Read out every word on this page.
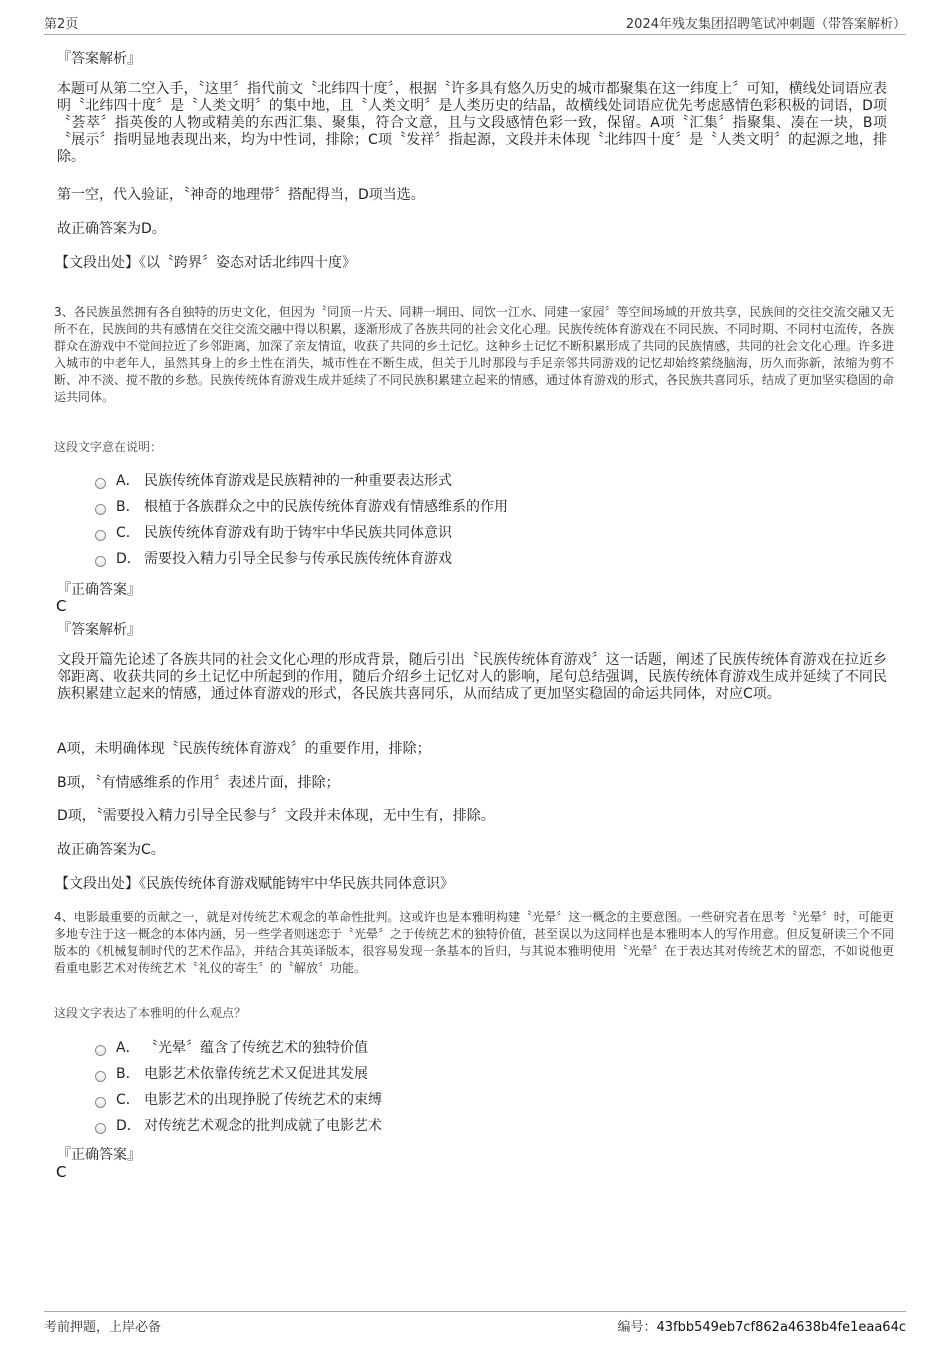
第2页	2024年残友集团招聘笔试冲刺题（带答案解析）
『答案解析』
本题可从第二空入手，〝这里〞指代前文〝北纬四十度〞，根据〝许多具有悠久历史的城市都聚集在这一纬度上〞可知，横线处词语应表明〝北纬四十度〞是〝人类文明〞的集中地，且〝人类文明〞是人类历史的结晶，故横线处词语应优先考虑感情色彩积极的词语，D项〝荟萃〞指英俊的人物或精美的东西汇集、聚集，符合文意，且与文段感情色彩一致，保留。A项〝汇集〞指聚集、凑在一块，B项〝展示〞指明显地表现出来，均为中性词，排除；C项〝发祥〞指起源，文段并未体现〝北纬四十度〞是〝人类文明〞的起源之地，排除。
第一空，代入验证，〝神奇的地理带〞搭配得当，D项当选。
故正确答案为D。
【文段出处】《以〝跨界〞姿态对话北纬四十度》
3、各民族虽然拥有各自独特的历史文化，但因为〝同顶一片天、同耕一垌田、同饮一江水、同建一家园〞等空间场域的开放共享，民族间的交往交流交融又无所不在，民族间的共有感情在交往交流交融中得以积累，逐渐形成了各族共同的社会文化心理。民族传统体育游戏在不同民族、不同时期、不同村屯流传，各族群众在游戏中不觉间拉近了乡邻距离，加深了亲友情谊，收获了共同的乡土记忆。这种乡土记忆不断积累形成了共同的民族情感，共同的社会文化心理。许多进入城市的中老年人，虽然其身上的乡土性在消失，城市性在不断生成，但关于儿时那段与手足亲邻共同游戏的记忆却始终萦绕脑海，历久而弥新，浓缩为剪不断、冲不淡、搅不散的乡愁。民族传统体育游戏生成并延续了不同民族积累建立起来的情感，通过体育游戏的形式，各民族共喜同乐，结成了更加坚实稳固的命运共同体。
这段文字意在说明：
A． 民族传统体育游戏是民族精神的一种重要表达形式
B． 根植于各族群众之中的民族传统体育游戏有情感维系的作用
C． 民族传统体育游戏有助于铸牢中华民族共同体意识
D． 需要投入精力引导全民参与传承民族传统体育游戏
『正确答案』
C
『答案解析』
文段开篇先论述了各族共同的社会文化心理的形成背景，随后引出〝民族传统体育游戏〞这一话题，阐述了民族传统体育游戏在拉近乡邻距离、收获共同的乡土记忆中所起到的作用，随后介绍乡土记忆对人的影响，尾句总结强调，民族传统体育游戏生成并延续了不同民族积累建立起来的情感，通过体育游戏的形式，各民族共喜同乐，从而结成了更加坚实稳固的命运共同体，对应C项。
A项，未明确体现〝民族传统体育游戏〞的重要作用，排除；
B项，〝有情感维系的作用〞表述片面，排除；
D项，〝需要投入精力引导全民参与〞文段并未体现，无中生有，排除。
故正确答案为C。
【文段出处】《民族传统体育游戏赋能铸牢中华民族共同体意识》
4、电影最重要的贡献之一，就是对传统艺术观念的革命性批判。这或许也是本雅明构建〝光晕〞这一概念的主要意图。一些研究者在思考〝光晕〞时，可能更多地专注于这一概念的本体内涵，另一些学者则迷恋于〝光晕〞之于传统艺术的独特价值，甚至误以为这同样也是本雅明本人的写作用意。但反复研读三个不同版本的《机械复制时代的艺术作品》，并结合其英译版本，很容易发现一条基本的旨归，与其说本雅明使用〝光晕〞在于表达其对传统艺术的留恋，不如说他更看重电影艺术对传统艺术〝礼仪的寄生〞的〝解放〞功能。
这段文字表达了本雅明的什么观点？
A． 〝光晕〞蕴含了传统艺术的独特价值
B． 电影艺术依靠传统艺术又促进其发展
C． 电影艺术的出现挣脱了传统艺术的束缚
D． 对传统艺术观念的批判成就了电影艺术
『正确答案』
C
考前押题，上岸必备	编号：43fbb549eb7cf862a4638b4fe1eaa64c
